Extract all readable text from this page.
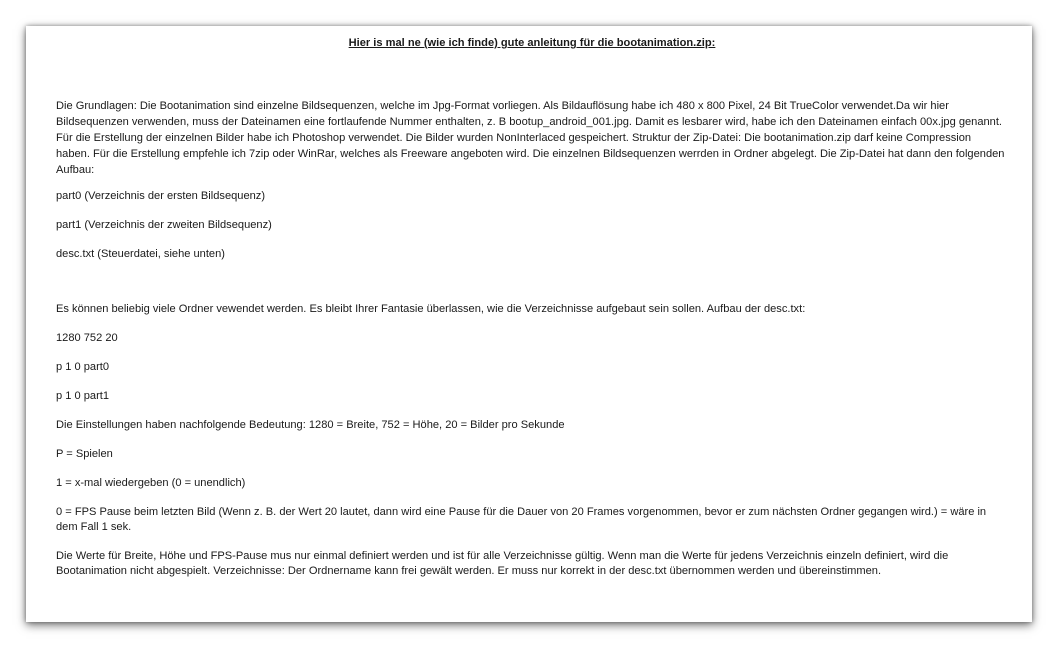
Hier is mal ne (wie ich finde) gute anleitung für die bootanimation.zip:
Die Grundlagen: Die Bootanimation sind einzelne Bildsequenzen, welche im Jpg-Format vorliegen. Als Bildauflösung habe ich 480 x 800 Pixel, 24 Bit TrueColor verwendet.Da wir hier Bildsequenzen verwenden, muss der Dateinamen eine fortlaufende Nummer enthalten, z. B bootup_android_001.jpg. Damit es lesbarer wird, habe ich den Dateinamen einfach 00x.jpg genannt. Für die Erstellung der einzelnen Bilder habe ich Photoshop verwendet. Die Bilder wurden NonInterlaced gespeichert. Struktur der Zip-Datei: Die bootanimation.zip darf keine Compression haben. Für die Erstellung empfehle ich 7zip oder WinRar, welches als Freeware angeboten wird. Die einzelnen Bildsequenzen werrden in Ordner abgelegt. Die Zip-Datei hat dann den folgenden Aufbau:
part0 (Verzeichnis der ersten Bildsequenz)
part1 (Verzeichnis der zweiten Bildsequenz)
desc.txt (Steuerdatei, siehe unten)
Es können beliebig viele Ordner vewendet werden. Es bleibt Ihrer Fantasie überlassen, wie die Verzeichnisse aufgebaut sein sollen. Aufbau der desc.txt:
1280 752 20
p 1 0 part0
p 1 0 part1
Die Einstellungen haben nachfolgende Bedeutung: 1280 = Breite, 752 = Höhe, 20 = Bilder pro Sekunde
P = Spielen
1 = x-mal wiedergeben (0 = unendlich)
0 = FPS Pause beim letzten Bild (Wenn z. B. der Wert 20 lautet, dann wird eine Pause für die Dauer von 20 Frames vorgenommen, bevor er zum nächsten Ordner gegangen wird.) = wäre in dem Fall 1 sek.
Die Werte für Breite, Höhe und FPS-Pause mus nur einmal definiert werden und ist für alle Verzeichnisse gültig. Wenn man die Werte für jedens Verzeichnis einzeln definiert, wird die Bootanimation nicht abgespielt. Verzeichnisse: Der Ordnername kann frei gewält werden. Er muss nur korrekt in der desc.txt übernommen werden und übereinstimmen.
